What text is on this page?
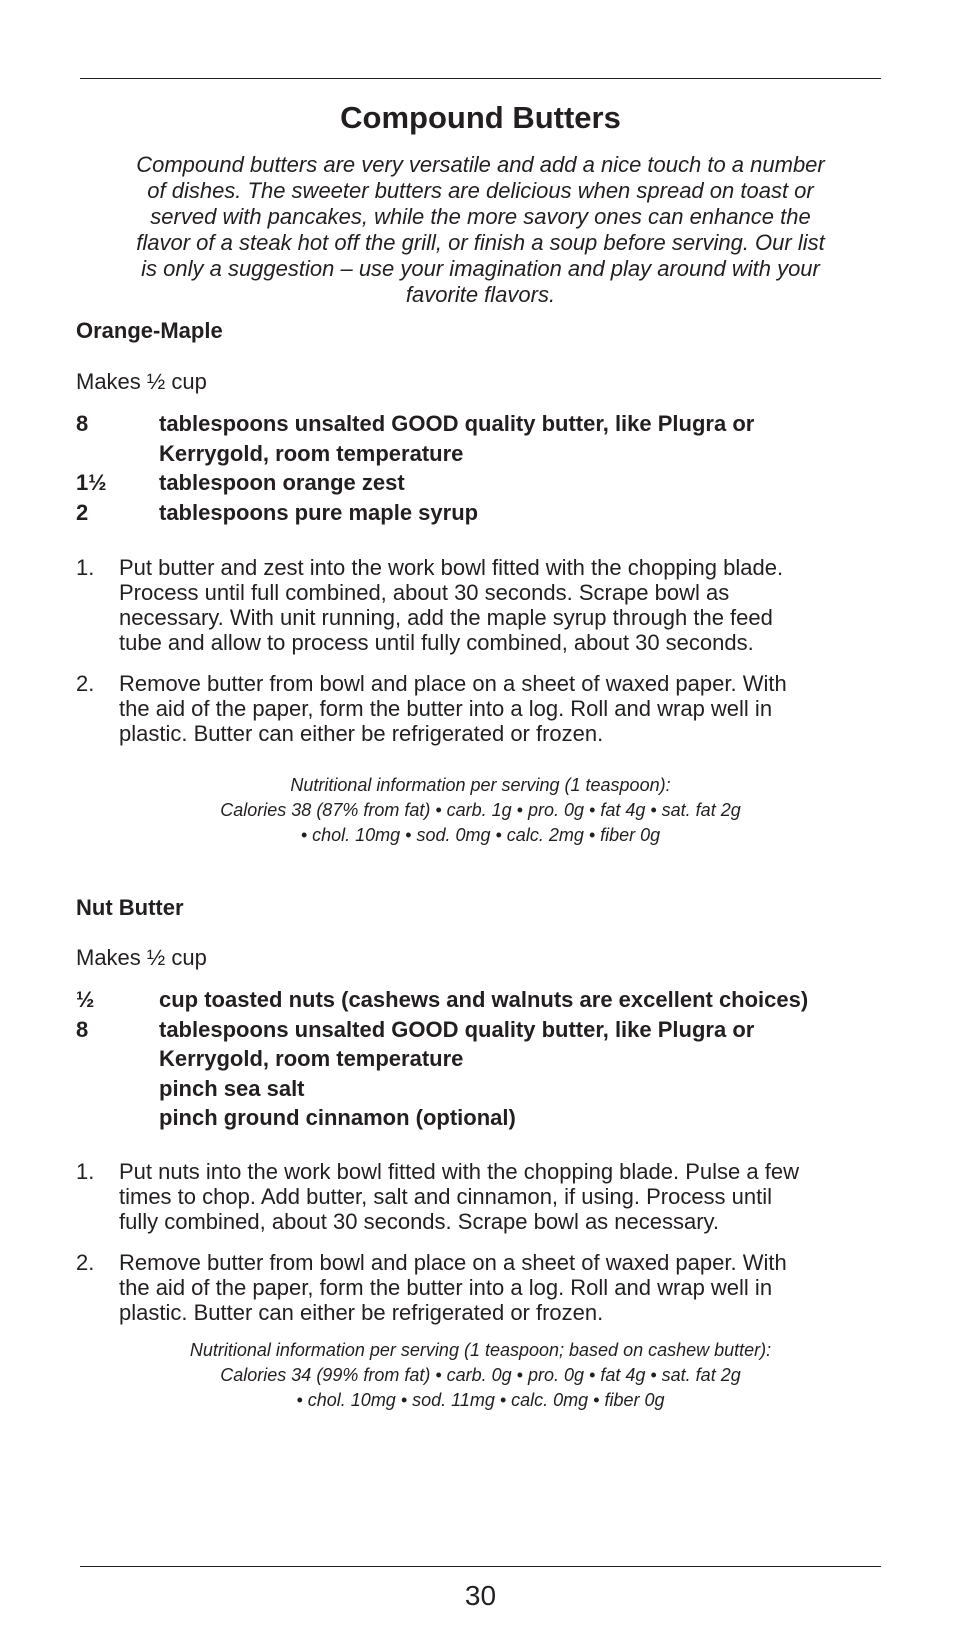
Compound Butters
Compound butters are very versatile and add a nice touch to a number
of dishes. The sweeter butters are delicious when spread on toast or
served with pancakes, while the more savory ones can enhance the
flavor of a steak hot off the grill, or finish a soup before serving. Our list
is only a suggestion – use your imagination and play around with your
favorite flavors.
Orange-Maple
Makes ½ cup
8	tablespoons unsalted GOOD quality butter, like Plugra or
Kerrygold, room temperature
1½	tablespoon orange zest
2	tablespoons pure maple syrup
1.	Put butter and zest into the work bowl fitted with the chopping blade.
Process until full combined, about 30 seconds. Scrape bowl as
necessary. With unit running, add the maple syrup through the feed
tube and allow to process until fully combined, about 30 seconds.
2.	Remove butter from bowl and place on a sheet of waxed paper. With
the aid of the paper, form the butter into a log. Roll and wrap well in
plastic. Butter can either be refrigerated or frozen.
Nutritional information per serving (1 teaspoon):
Calories 38 (87% from fat) • carb. 1g • pro. 0g • fat 4g • sat. fat 2g
• chol. 10mg • sod. 0mg • calc. 2mg • fiber 0g
Nut Butter
Makes ½ cup
½	cup toasted nuts (cashews and walnuts are excellent choices)
8	tablespoons unsalted GOOD quality butter, like Plugra or
Kerrygold, room temperature
pinch sea salt
pinch ground cinnamon (optional)
1.	Put nuts into the work bowl fitted with the chopping blade. Pulse a few
times to chop. Add butter, salt and cinnamon, if using. Process until
fully combined, about 30 seconds. Scrape bowl as necessary.
2.	Remove butter from bowl and place on a sheet of waxed paper. With
the aid of the paper, form the butter into a log. Roll and wrap well in
plastic. Butter can either be refrigerated or frozen.
Nutritional information per serving (1 teaspoon; based on cashew butter):
Calories 34 (99% from fat) • carb. 0g • pro. 0g • fat 4g • sat. fat 2g
• chol. 10mg • sod. 11mg • calc. 0mg • fiber 0g
30
